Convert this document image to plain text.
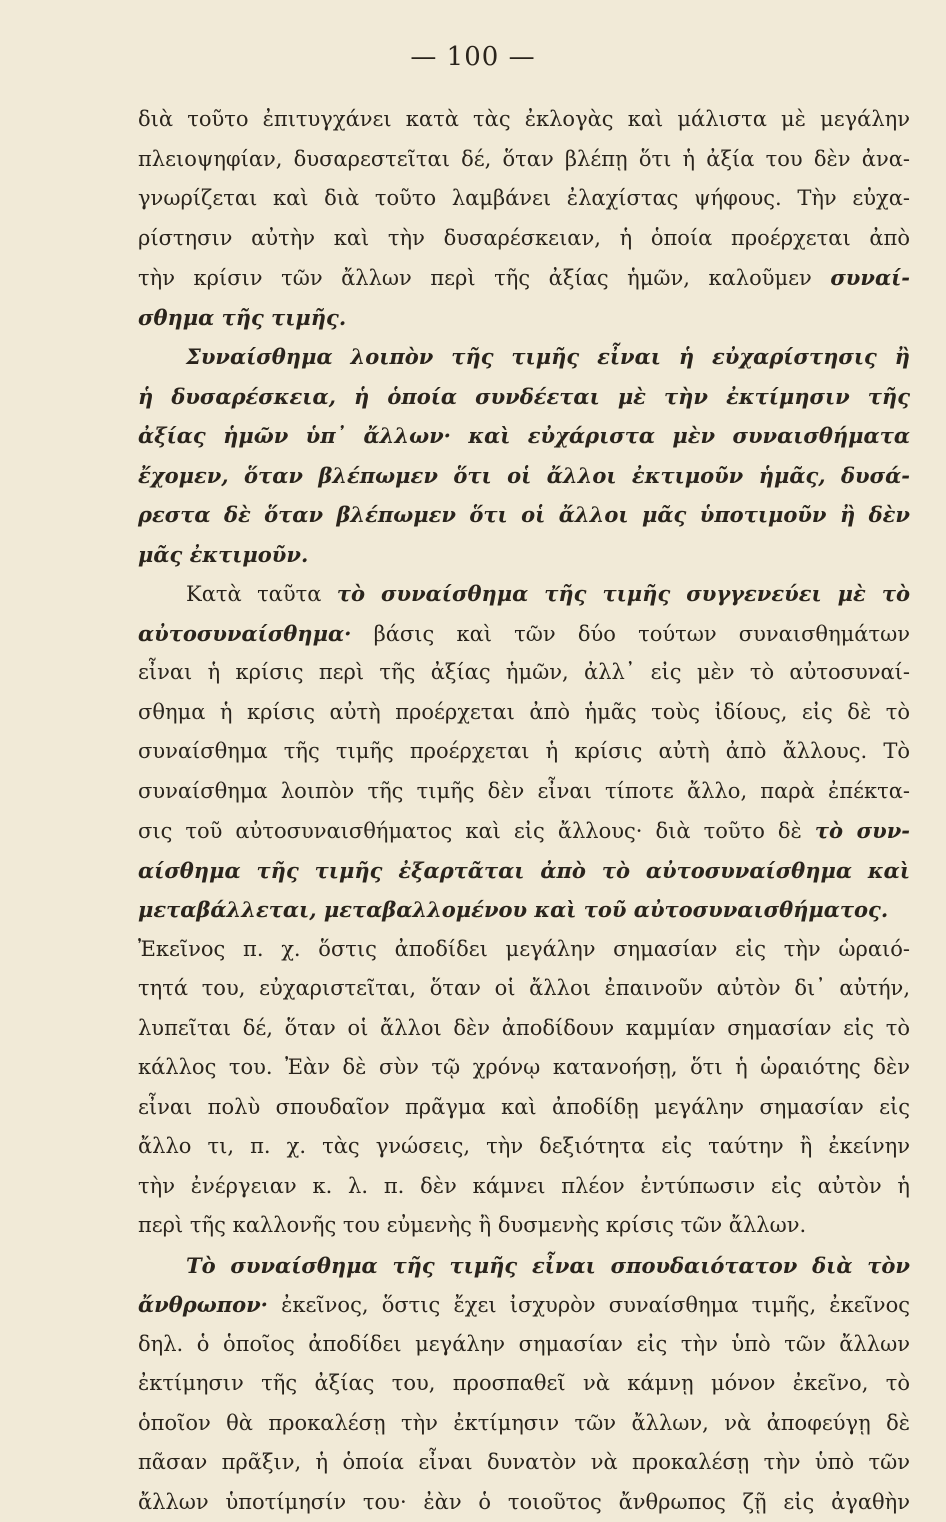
— 100 —
διὰ τοῦτο ἐπιτυγχάνει κατὰ τὰς ἐκλογὰς καὶ μάλιστα μὲ μεγάλην
πλειοψηφίαν, δυσαρεστεῖται δέ, ὅταν βλέπῃ ὅτι ἡ ἀξία του δὲν ἀνα-
γνωρίζεται καὶ διὰ τοῦτο λαμβάνει ἐλαχίστας ψήφους. Τὴν εὐχα-
ρίστησιν αὐτὴν καὶ τὴν δυσαρέσκειαν, ἡ ὁποία προέρχεται ἀπὸ
τὴν κρίσιν τῶν ἄλλων περὶ τῆς ἀξίας ἡμῶν, καλοῦμεν συναί-
σθημα τῆς τιμῆς.
Συναίσθημα λοιπὸν τῆς τιμῆς εἶναι ἡ εὐχαρίστησις ἢ
ἡ δυσαρέσκεια, ἡ ὁποία συνδέεται μὲ τὴν ἐκτίμησιν τῆς
ἀξίας ἡμῶν ὑπ᾿ ἄλλων· καὶ εὐχάριστα μὲν συναισθήματα
ἔχομεν, ὅταν βλέπωμεν ὅτι οἱ ἄλλοι ἐκτιμοῦν ἡμᾶς, δυσά-
ρεστα δὲ ὅταν βλέπωμεν ὅτι οἱ ἄλλοι μᾶς ὑποτιμοῦν ἢ δὲν
μᾶς ἐκτιμοῦν.
Κατὰ ταῦτα τὸ συναίσθημα τῆς τιμῆς συγγενεύει μὲ τὸ
αὐτοσυναίσθημα· βάσις καὶ τῶν δύο τούτων συναισθημάτων
εἶναι ἡ κρίσις περὶ τῆς ἀξίας ἡμῶν, ἀλλ᾿ εἰς μὲν τὸ αὐτοσυναί-
σθημα ἡ κρίσις αὐτὴ προέρχεται ἀπὸ ἡμᾶς τοὺς ἰδίους, εἰς δὲ τὸ
συναίσθημα τῆς τιμῆς προέρχεται ἡ κρίσις αὐτὴ ἀπὸ ἄλλους. Τὸ
συναίσθημα λοιπὸν τῆς τιμῆς δὲν εἶναι τίποτε ἄλλο, παρὰ ἐπέκτα-
σις τοῦ αὐτοσυναισθήματος καὶ εἰς ἄλλους· διὰ τοῦτο δὲ τὸ συν-
αίσθημα τῆς τιμῆς ἐξαρτᾶται ἀπὸ τὸ αὐτοσυναίσθημα καὶ
μεταβάλλεται, μεταβαλλομένου καὶ τοῦ αὐτοσυναισθήματος.
Ἐκεῖνος π. χ. ὅστις ἀποδίδει μεγάλην σημασίαν εἰς τὴν ὡραιό-
τητά του, εὐχαριστεῖται, ὅταν οἱ ἄλλοι ἐπαινοῦν αὐτὸν δι᾿ αὐτήν,
λυπεῖται δέ, ὅταν οἱ ἄλλοι δὲν ἀποδίδουν καμμίαν σημασίαν εἰς τὸ
κάλλος του. Ἐὰν δὲ σὺν τῷ χρόνῳ κατανοήσῃ, ὅτι ἡ ὡραιότης δὲν
εἶναι πολὺ σπουδαῖον πρᾶγμα καὶ ἀποδίδῃ μεγάλην σημασίαν εἰς
ἄλλο τι, π. χ. τὰς γνώσεις, τὴν δεξιότητα εἰς ταύτην ἢ ἐκείνην
τὴν ἐνέργειαν κ. λ. π. δὲν κάμνει πλέον ἐντύπωσιν εἰς αὐτὸν ἡ
περὶ τῆς καλλονῆς του εὐμενὴς ἢ δυσμενὴς κρίσις τῶν ἄλλων.
Τὸ συναίσθημα τῆς τιμῆς εἶναι σπουδαιότατον διὰ τὸν
ἄνθρωπον· ἐκεῖνος, ὅστις ἔχει ἰσχυρὸν συναίσθημα τιμῆς, ἐκεῖνος
δηλ. ὁ ὁποῖος ἀποδίδει μεγάλην σημασίαν εἰς τὴν ὑπὸ τῶν ἄλλων
ἐκτίμησιν τῆς ἀξίας του, προσπαθεῖ νὰ κάμνῃ μόνον ἐκεῖνο, τὸ
ὁποῖον θὰ προκαλέσῃ τὴν ἐκτίμησιν τῶν ἄλλων, νὰ ἀποφεύγῃ δὲ
πᾶσαν πρᾶξιν, ἡ ὁποία εἶναι δυνατὸν νὰ προκαλέσῃ τὴν ὑπὸ τῶν
ἄλλων ὑποτίμησίν του· ἐὰν ὁ τοιοῦτος ἄνθρωπος ζῇ εἰς ἀγαθὴν
